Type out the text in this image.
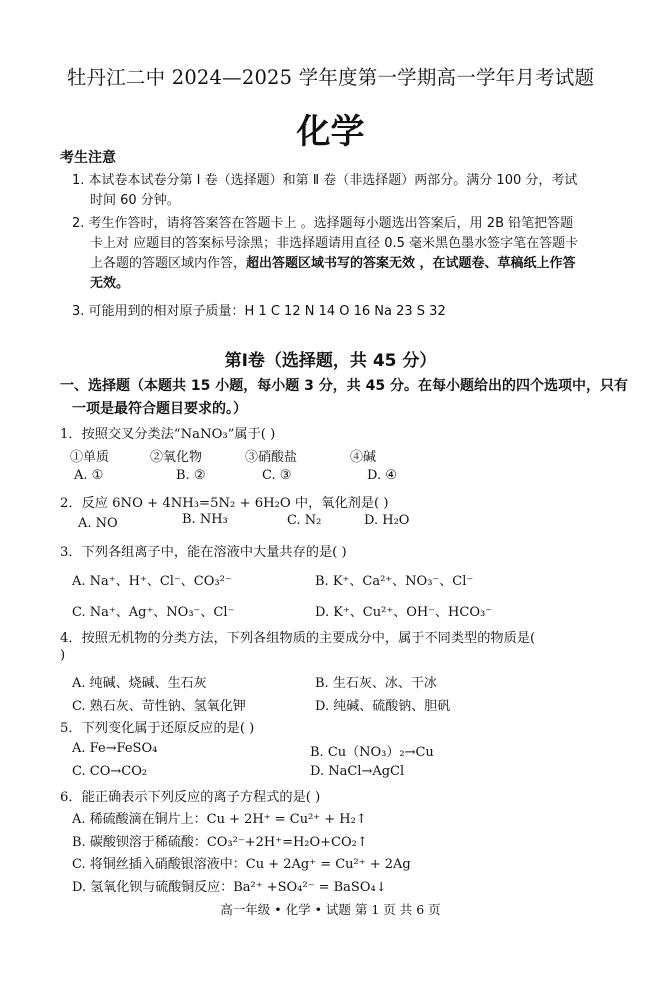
牡丹江二中 2024—2025 学年度第一学期高一学年月考试题
化学
考生注意
1. 本试卷本试卷分第 Ⅰ 卷（选择题）和第 Ⅱ 卷（非选择题）两部分。满分 100 分，考试
时间 60 分钟。
2. 考生作答时，请将答案答在答题卡上 。选择题每小题选出答案后，用 2B 铅笔把答题
卡上对 应题目的答案标号涂黑；非选择题请用直径 0.5 毫米黑色墨水签字笔在答题卡
上各题的答题区域内作答，超出答题区域书写的答案无效 ，在试题卷、草稿纸上作答
无效。
3. 可能用到的相对原子质量：H 1 C 12 N 14 O 16 Na 23 S 32
第Ⅰ卷（选择题，共 45 分）
一、选择题（本题共 15 小题，每小题 3 分，共 45 分。在每小题给出的四个选项中，只有
一项是最符合题目要求的。）
1．按照交叉分类法“NaNO₃”属于( )
①单质	②氧化物	③硝酸盐	④碱
A. ①	B. ②	C. ③	D. ④
2．反应 6NO + 4NH₃=5N₂ + 6H₂O 中，氧化剂是( )
A. NO	B. NH₃	C. N₂	D. H₂O
3．下列各组离子中，能在溶液中大量共存的是( )
A. Na⁺、H⁺、Cl⁻、CO₃²⁻	B. K⁺、Ca²⁺、NO₃⁻、Cl⁻
C. Na⁺、Ag⁺、NO₃⁻、Cl⁻	D. K⁺、Cu²⁺、OH⁻、HCO₃⁻
4．按照无机物的分类方法，下列各组物质的主要成分中，属于不同类型的物质是(
)
A. 纯碱、烧碱、生石灰	B. 生石灰、冰、干冰
C. 熟石灰、苛性钠、氢氧化钾	D. 纯碱、硫酸钠、胆矾
5．下列变化属于还原反应的是( )
A. Fe→FeSO₄	B. Cu（NO₃）₂→Cu
C. CO→CO₂	D. NaCl→AgCl
6．能正确表示下列反应的离子方程式的是( )
A. 稀硫酸滴在铜片上：Cu + 2H⁺ = Cu²⁺ + H₂↑
B. 碳酸钡溶于稀硫酸：CO₃²⁻+2H⁺=H₂O+CO₂↑
C. 将铜丝插入硝酸银溶液中：Cu + 2Ag⁺ = Cu²⁺ + 2Ag
D. 氢氧化钡与硫酸铜反应：Ba²⁺ +SO₄²⁻ = BaSO₄↓
高一年级 • 化学 • 试题 第 1 页 共 6 页
